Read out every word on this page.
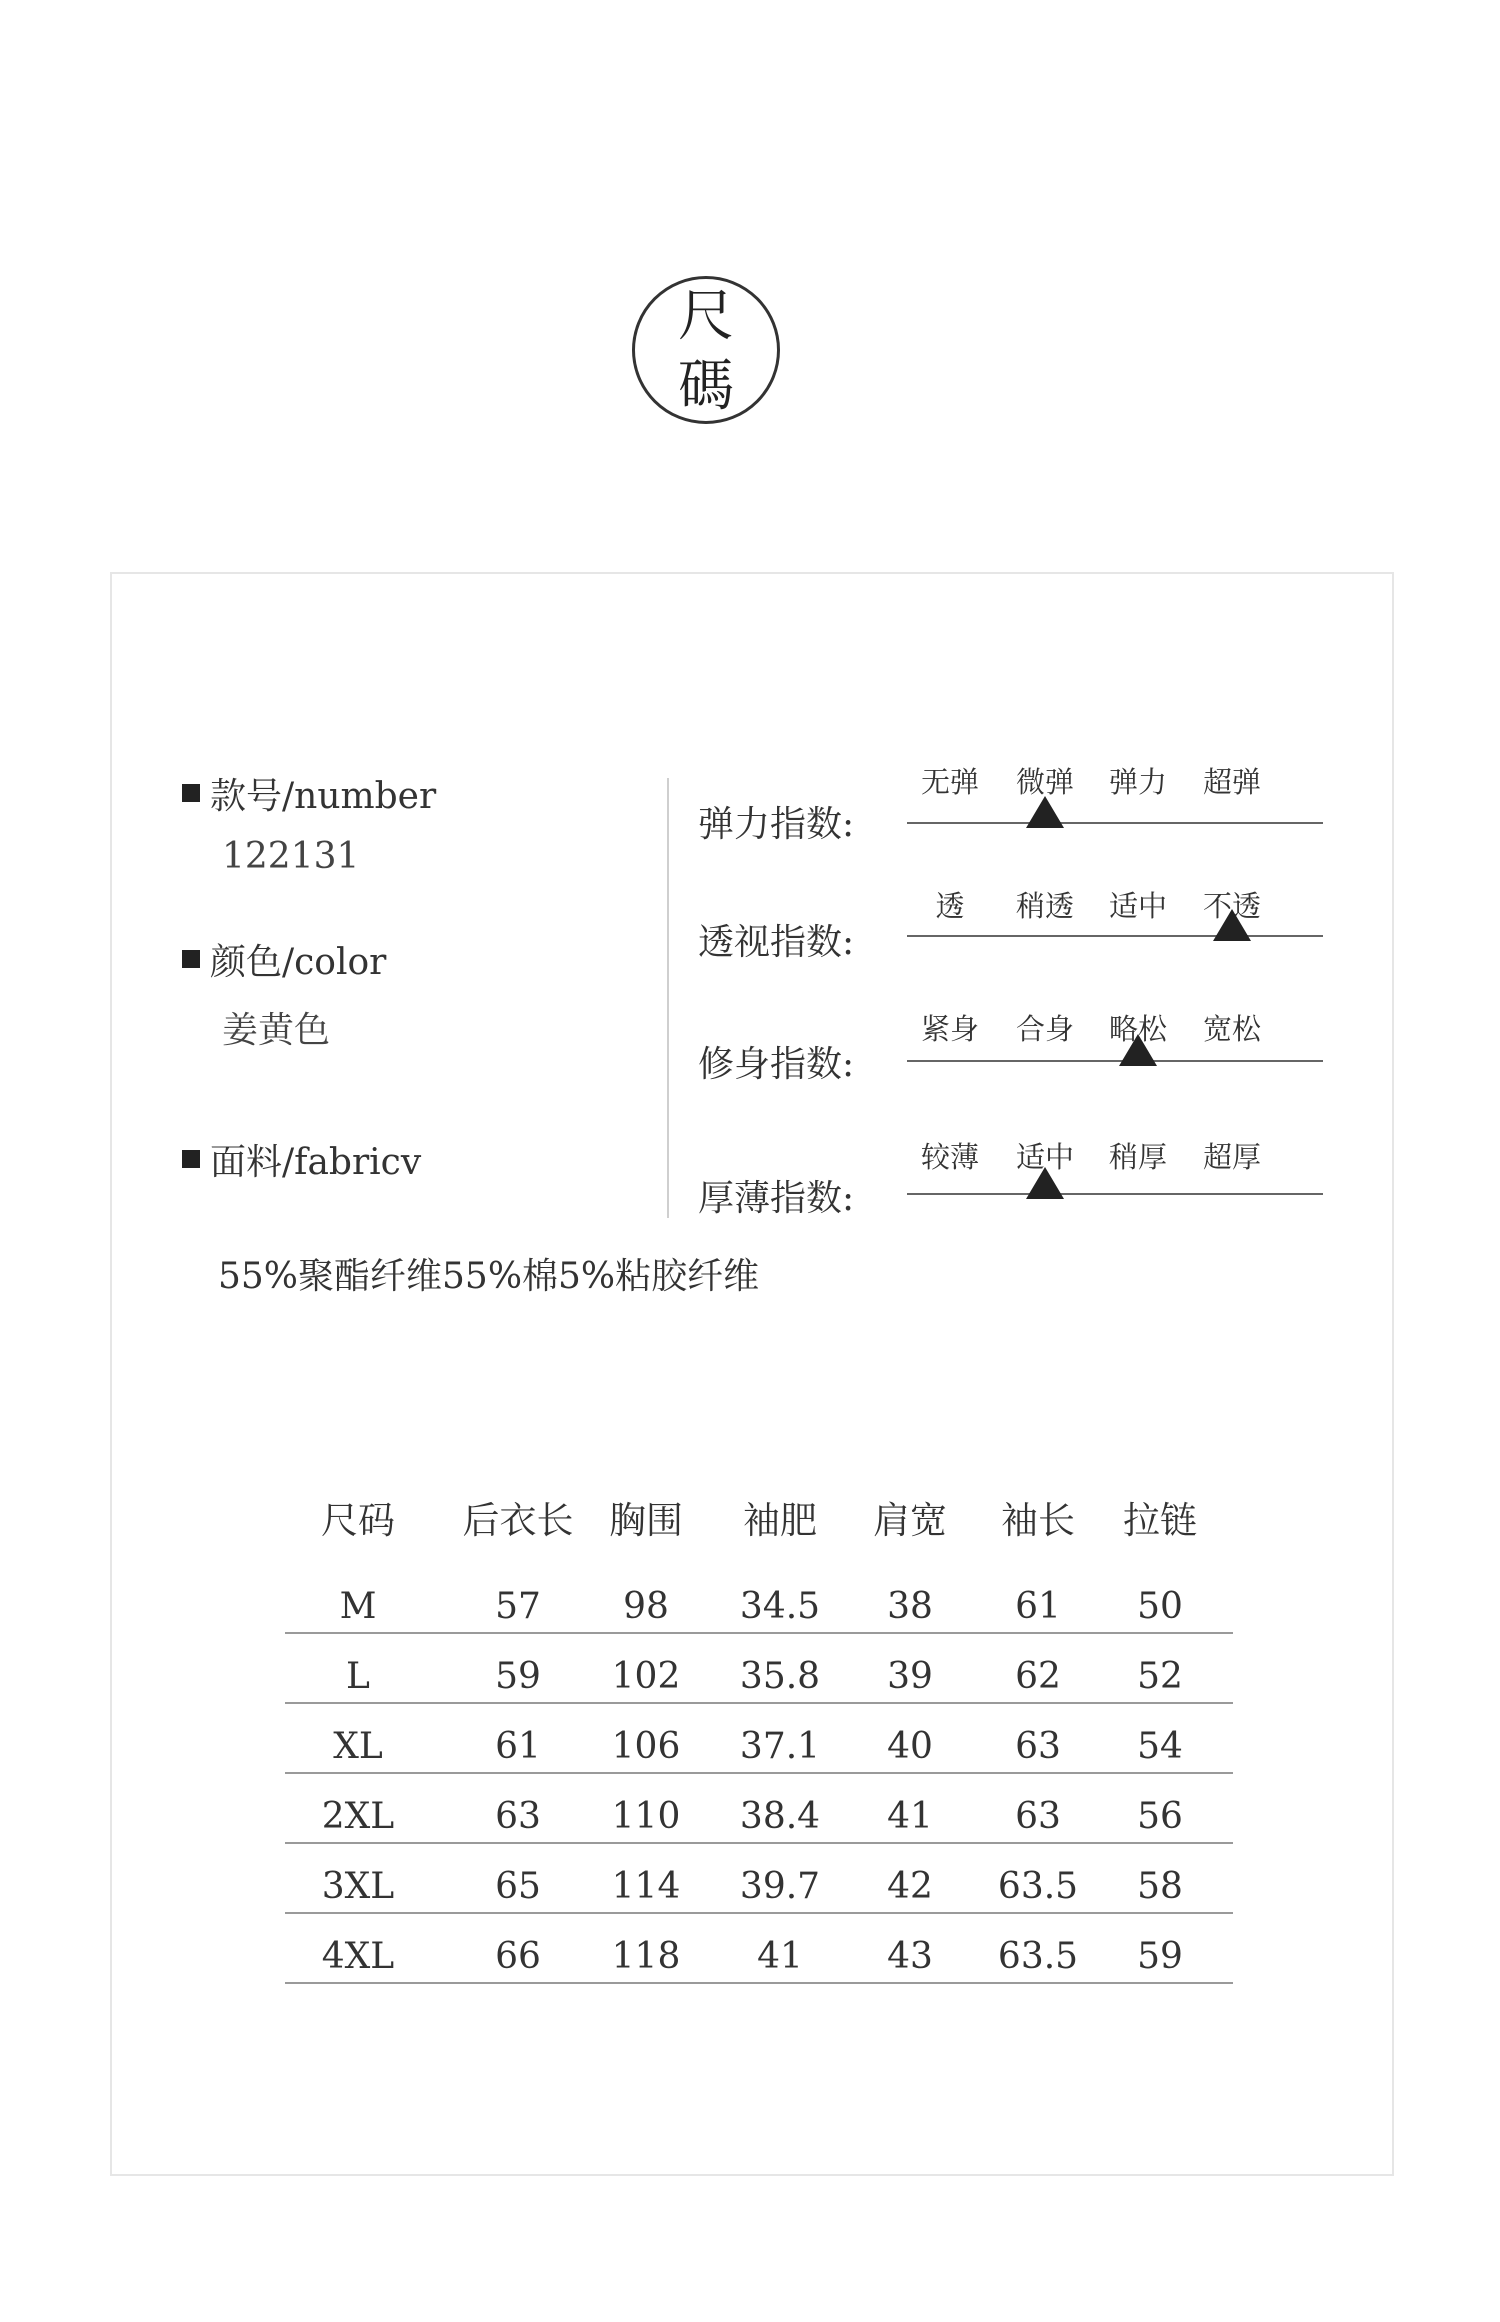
尺
碼
款号/number
122131
颜色/color
姜黄色
面料/fabricv
弹力指数:
无弹 微弹 弹力 超弹
透视指数:
透 稍透 适中 不透
修身指数:
紧身 合身 略松 宽松
厚薄指数:
较薄 适中 稍厚 超厚
55%聚酯纤维55%棉5%粘胶纤维
尺码 后衣长 胸围 袖肥 肩宽 袖长 拉链
M	57 98 34.5 38 61 50
L	59 102 35.8 39 62 52
XL	61 106 37.1 40 63 54
2XL	63 110 38.4 41 63 56
3XL	65 114 39.7 42 63.5 58
4XL	66 118 41 43 63.5 59
